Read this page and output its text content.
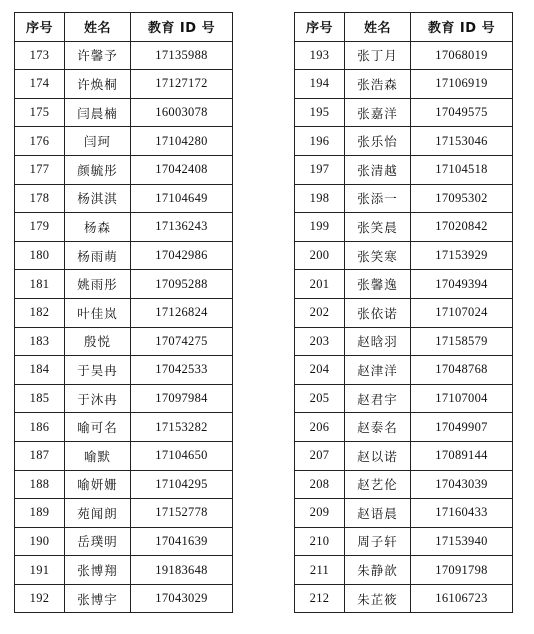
序号	姓名	教育 ID 号
173	许馨予	17135988
174	许焕桐	17127172
175	闫晨楠	16003078
176	闫珂	17104280
177	颜毓彤	17042408
178	杨淇淇	17104649
179	杨森	17136243
180	杨雨萌	17042986
181	姚雨彤	17095288
182	叶佳岚	17126824
183	殷悦	17074275
184	于昊冉	17042533
185	于沐冉	17097984
186	喻可名	17153282
187	喻默	17104650
188	喻妍姗	17104295
189	苑闻朗	17152778
190	岳璞明	17041639
191	张博翔	19183648
192	张博宇	17043029
序号	姓名	教育 ID 号
193	张丁月	17068019
194	张浩森	17106919
195	张嘉洋	17049575
196	张乐怡	17153046
197	张清越	17104518
198	张添一	17095302
199	张笑晨	17020842
200	张笑寒	17153929
201	张馨逸	17049394
202	张依诺	17107024
203	赵晗羽	17158579
204	赵津洋	17048768
205	赵君宇	17107004
206	赵泰名	17049907
207	赵以诺	17089144
208	赵艺伦	17043039
209	赵语晨	17160433
210	周子轩	17153940
211	朱静歆	17091798
212	朱芷筱	16106723
